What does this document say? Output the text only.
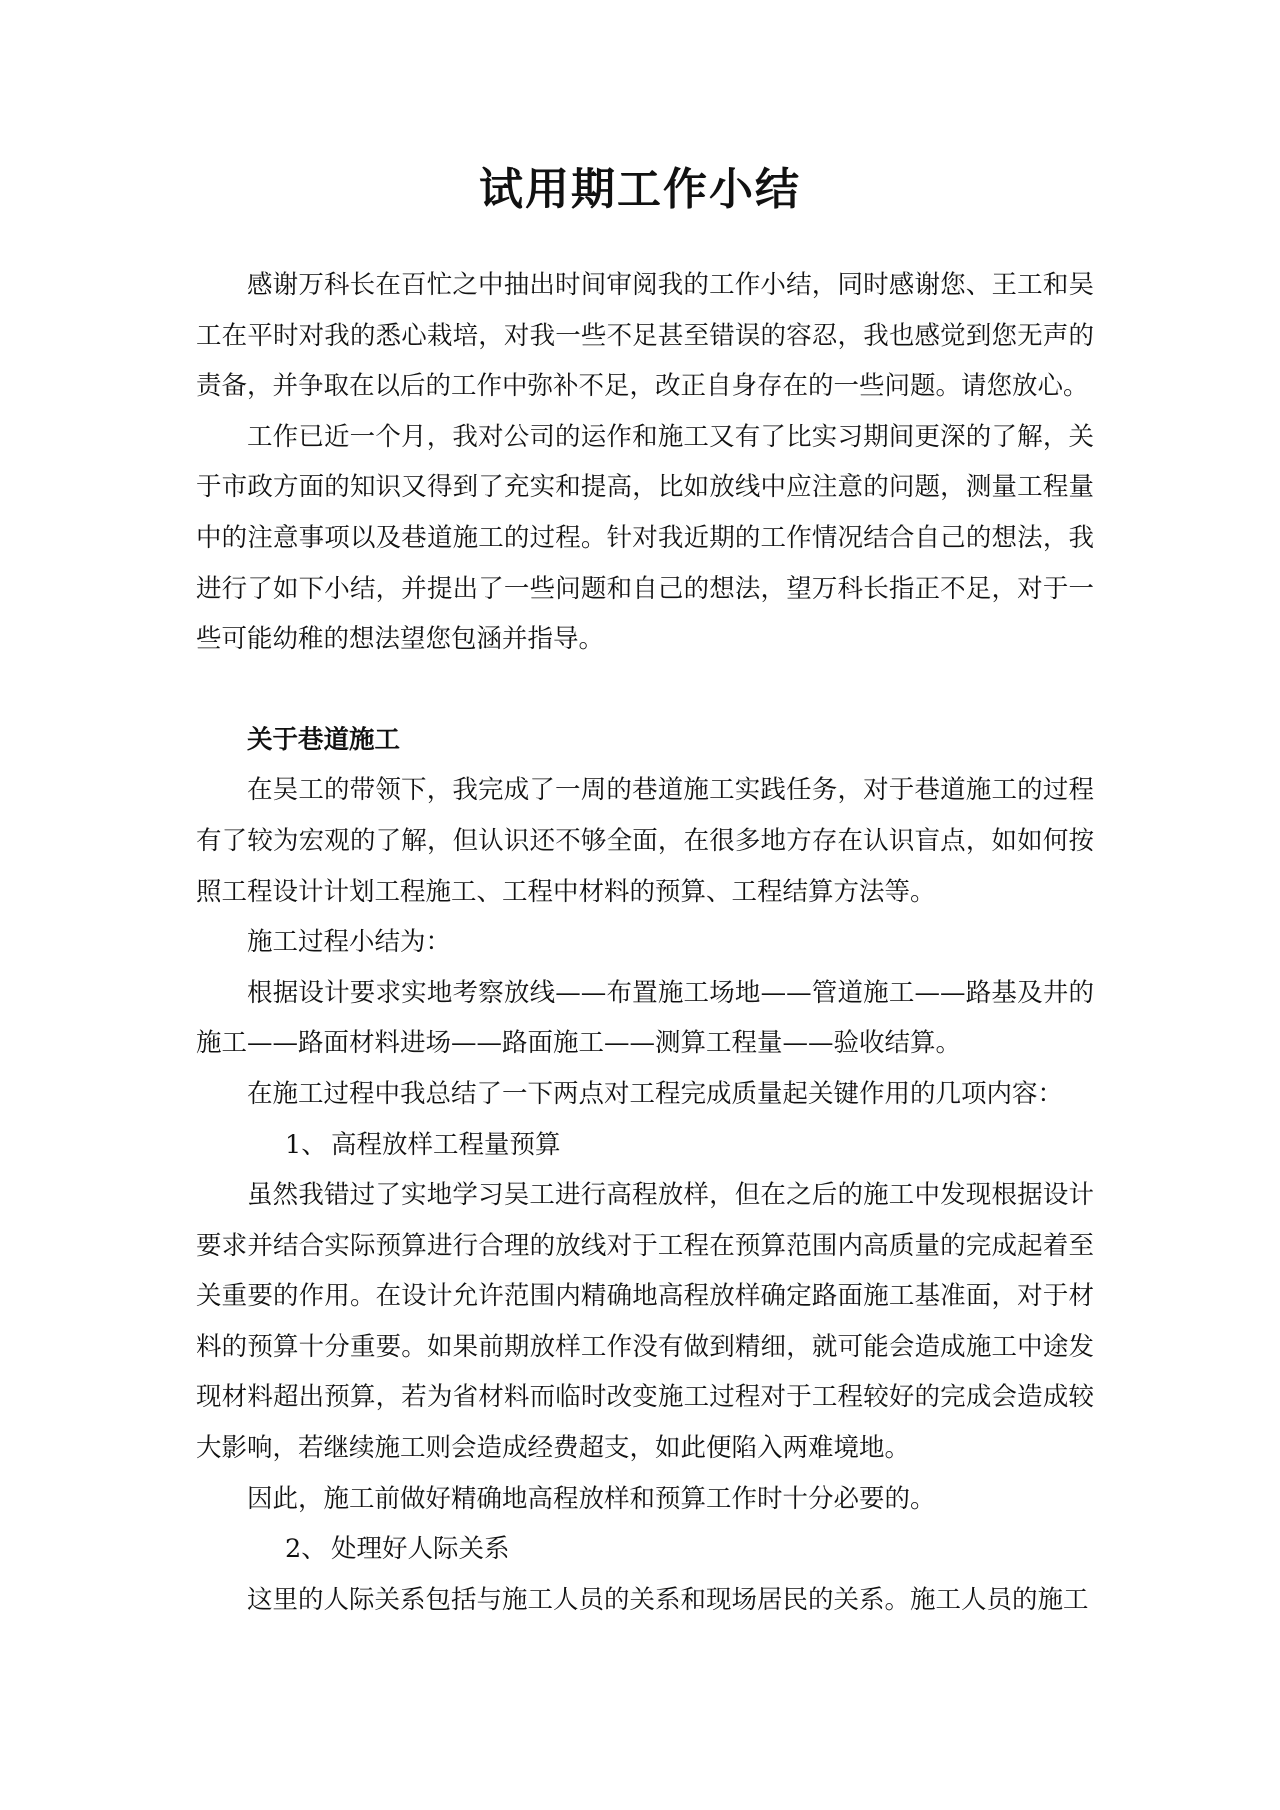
试用期工作小结

感谢万科长在百忙之中抽出时间审阅我的工作小结，同时感谢您、王工和吴工在平时对我的悉心栽培，对我一些不足甚至错误的容忍，我也感觉到您无声的责备，并争取在以后的工作中弥补不足，改正自身存在的一些问题。请您放心。

工作已近一个月，我对公司的运作和施工又有了比实习期间更深的了解，关于市政方面的知识又得到了充实和提高，比如放线中应注意的问题，测量工程量中的注意事项以及巷道施工的过程。针对我近期的工作情况结合自己的想法，我进行了如下小结，并提出了一些问题和自己的想法，望万科长指正不足，对于一些可能幼稚的想法望您包涵并指导。

关于巷道施工

在吴工的带领下，我完成了一周的巷道施工实践任务，对于巷道施工的过程有了较为宏观的了解，但认识还不够全面，在很多地方存在认识盲点，如如何按照工程设计计划工程施工、工程中材料的预算、工程结算方法等。

施工过程小结为：

根据设计要求实地考察放线——布置施工场地——管道施工——路基及井的施工——路面材料进场——路面施工——测算工程量——验收结算。

在施工过程中我总结了一下两点对工程完成质量起关键作用的几项内容：

1、 高程放样工程量预算

虽然我错过了实地学习吴工进行高程放样，但在之后的施工中发现根据设计要求并结合实际预算进行合理的放线对于工程在预算范围内高质量的完成起着至关重要的作用。在设计允许范围内精确地高程放样确定路面施工基准面，对于材料的预算十分重要。如果前期放样工作没有做到精细，就可能会造成施工中途发现材料超出预算，若为省材料而临时改变施工过程对于工程较好的完成会造成较大影响，若继续施工则会造成经费超支，如此便陷入两难境地。

因此，施工前做好精确地高程放样和预算工作时十分必要的。

2、 处理好人际关系

这里的人际关系包括与施工人员的关系和现场居民的关系。施工人员的施工
